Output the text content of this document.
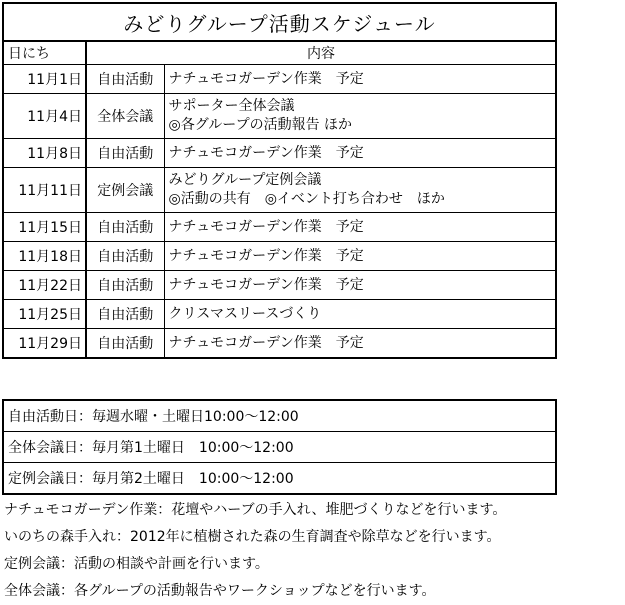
みどりグループ活動スケジュール
日にち	内容	
11月1日	自由活動	ナチュモコガーデン作業　予定
11月4日	全体会議	サポーター全体会議
◎各グループの活動報告 ほか
11月8日	自由活動	ナチュモコガーデン作業　予定
11月11日	定例会議	みどりグループ定例会議
◎活動の共有　◎イベント打ち合わせ　ほか
11月15日	自由活動	ナチュモコガーデン作業　予定
11月18日	自由活動	ナチュモコガーデン作業　予定
11月22日	自由活動	ナチュモコガーデン作業　予定
11月25日	自由活動	クリスマスリースづくり
11月29日	自由活動	ナチュモコガーデン作業　予定
自由活動日：毎週水曜・土曜日10:00～12:00
全体会議日：毎月第1土曜日　10:00～12:00
定例会議日：毎月第2土曜日　10:00～12:00
ナチュモコガーデン作業：花壇やハーブの手入れ、堆肥づくりなどを行います。
いのちの森手入れ：2012年に植樹された森の生育調査や除草などを行います。
定例会議：活動の相談や計画を行います。
全体会議：各グループの活動報告やワークショップなどを行います。
